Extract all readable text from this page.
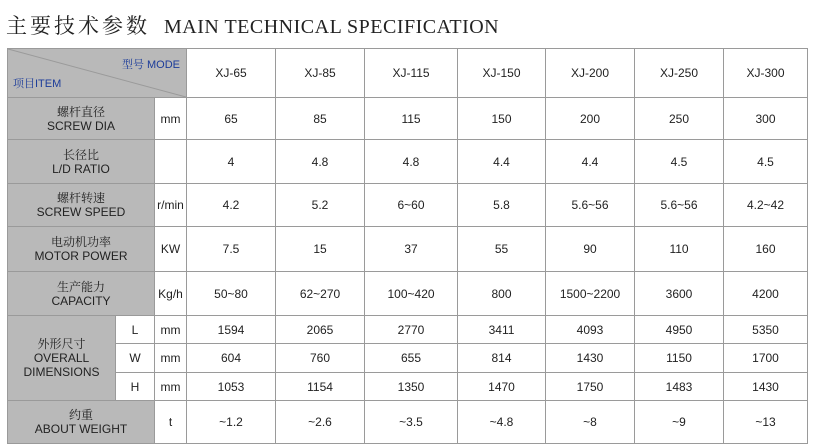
主要技术参数 MAIN TECHNICAL SPECIFICATION
型号 MODE
项目ITEM			XJ-65	XJ-85	XJ-115	XJ-150	XJ-200	XJ-250	XJ-300

螺杆直径
SCREW DIA		mm	65	85	115	150	200	250	300

长径比
L/D RATIO			4	4.8	4.8	4.4	4.4	4.5	4.5

螺杆转速
SCREW SPEED		r/min	4.2	5.2	6~60	5.8	5.6~56	5.6~56	4.2~42

电动机功率
MOTOR POWER		KW	7.5	15	37	55	90	110	160

生产能力
CAPACITY		Kg/h	50~80	62~270	100~420	800	1500~2200	3600	4200

外形尺寸
OVERALL
DIMENSIONS	L	mm	1594	2065	2770	3411	4093	4950	5350
	W	mm	604	760	655	814	1430	1150	1700
	H	mm	1053	1154	1350	1470	1750	1483	1430

约重
ABOUT WEIGHT		t	~1.2	~2.6	~3.5	~4.8	~8	~9	~13
